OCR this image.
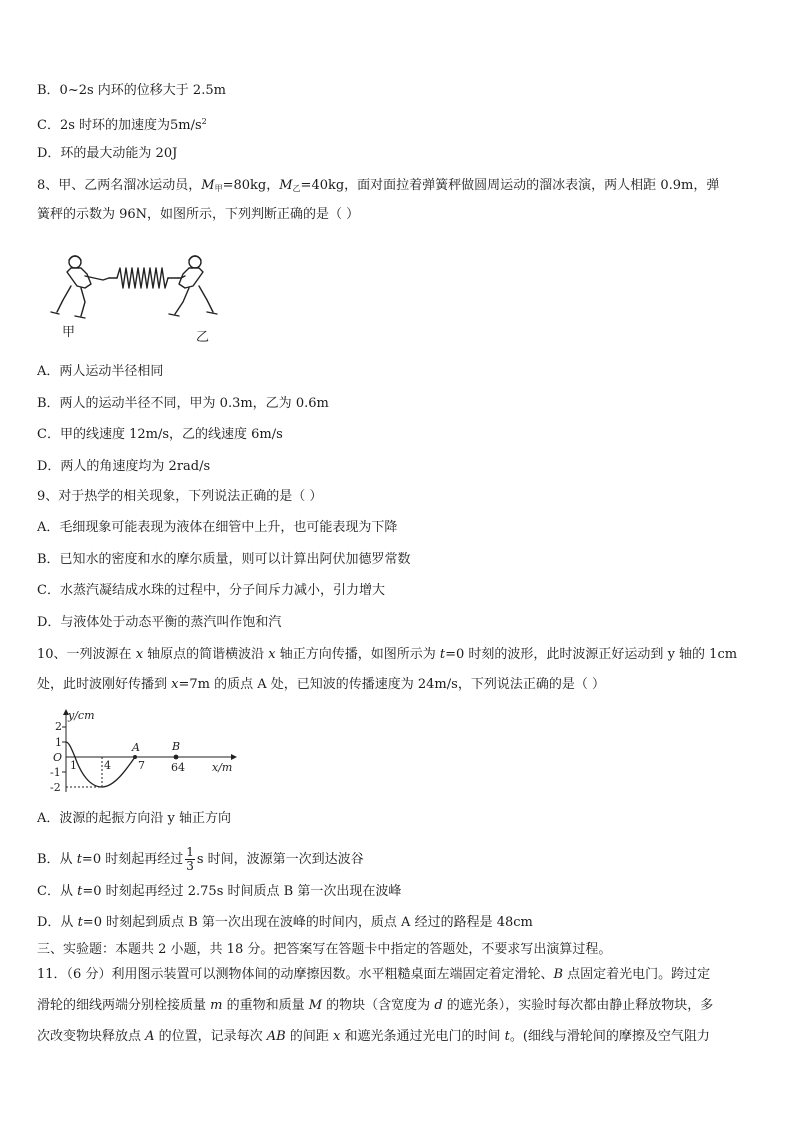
B．0~2s 内环的位移大于 2.5m
C．2s 时环的加速度为$5m/s^2$
D．环的最大动能为 20J
8、甲、乙两名溜冰运动员，$M_甲=80kg$，$M_乙=40kg$，面对面拉着弹簧秤做圆周运动的溜冰表演，两人相距 0.9m，弹
簧秤的示数为 96N，如图所示，下列判断正确的是（ ）
甲	乙
A．两人运动半径相同
B．两人的运动半径不同，甲为 0.3m，乙为 0.6m
C．甲的线速度 12m/s，乙的线速度 6m/s
D．两人的角速度均为 2rad/s
9、对于热学的相关现象，下列说法正确的是（ ）
A．毛细现象可能表现为液体在细管中上升，也可能表现为下降
B．已知水的密度和水的摩尔质量，则可以计算出阿伏加德罗常数
C．水蒸汽凝结成水珠的过程中，分子间斥力减小，引力增大
D．与液体处于动态平衡的蒸汽叫作饱和汽
10、一列波源在 x 轴原点的简谐横波沿 x 轴正方向传播，如图所示为 t=0 时刻的波形，此时波源正好运动到 y 轴的 1cm
处，此时波刚好传播到 x=7m 的质点 A 处，已知波的传播速度为 24m/s，下列说法正确的是（ ）
y/cm
2
1
O
-1
-2
1 4 7
A	B
64 x/m
A．波源的起振方向沿 y 轴正方向
B．从 t=0 时刻起再经过 $\frac{1}{3}$ s 时间，波源第一次到达波谷
C．从 t=0 时刻起再经过 2.75s 时间质点 B 第一次出现在波峰
D．从 t=0 时刻起到质点 B 第一次出现在波峰的时间内，质点 A 经过的路程是 48cm
三、实验题：本题共 2 小题，共 18 分。把答案写在答题卡中指定的答题处，不要求写出演算过程。
11．（6 分）利用图示装置可以测物体间的动摩擦因数。水平粗糙桌面左端固定着定滑轮、B 点固定着光电门。跨过定
滑轮的细线两端分别栓接质量 m 的重物和质量 M 的物块（含宽度为 d 的遮光条），实验时每次都由静止释放物块，多
次改变物块释放点 A 的位置，记录每次 AB 的间距 x 和遮光条通过光电门的时间 t。(细线与滑轮间的摩擦及空气阻力
